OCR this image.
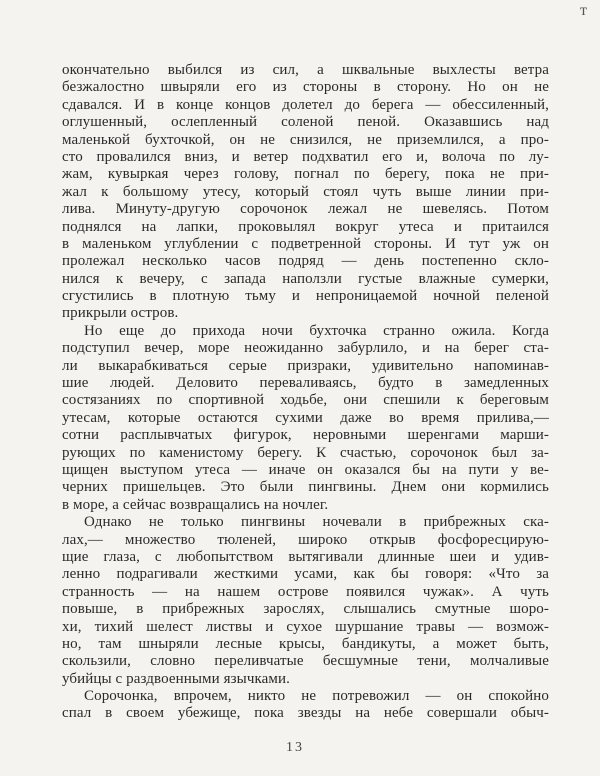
т
окончательно выбился из сил, а шквальные выхлесты ветра
безжалостно швыряли его из стороны в сторону. Но он не
сдавался. И в конце концов долетел до берега — обессиленный,
оглушенный, ослепленный соленой пеной. Оказавшись над
маленькой бухточкой, он не снизился, не приземлился, а про-
сто провалился вниз, и ветер подхватил его и, волоча по лу-
жам, кувыркая через голову, погнал по берегу, пока не при-
жал к большому утесу, который стоял чуть выше линии при-
лива. Минуту-другую сорочонок лежал не шевелясь. Потом
поднялся на лапки, проковылял вокруг утеса и притаился
в маленьком углублении с подветренной стороны. И тут уж он
пролежал несколько часов подряд — день постепенно скло-
нился к вечеру, с запада наползли густые влажные сумерки,
сгустились в плотную тьму и непроницаемой ночной пеленой
прикрыли остров.
Но еще до прихода ночи бухточка странно ожила. Когда
подступил вечер, море неожиданно забурлило, и на берег ста-
ли выкарабкиваться серые призраки, удивительно напоминав-
шие людей. Деловито переваливаясь, будто в замедленных
состязаниях по спортивной ходьбе, они спешили к береговым
утесам, которые остаются сухими даже во время прилива,—
сотни расплывчатых фигурок, неровными шеренгами марши-
рующих по каменистому берегу. К счастью, сорочонок был за-
щищен выступом утеса — иначе он оказался бы на пути у ве-
черних пришельцев. Это были пингвины. Днем они кормились
в море, а сейчас возвращались на ночлег.
Однако не только пингвины ночевали в прибрежных ска-
лах,— множество тюленей, широко открыв фосфоресцирую-
щие глаза, с любопытством вытягивали длинные шеи и удив-
ленно подрагивали жесткими усами, как бы говоря: «Что за
странность — на нашем острове появился чужак». А чуть
повыше, в прибрежных зарослях, слышались смутные шоро-
хи, тихий шелест листвы и сухое шуршание травы — возмож-
но, там шныряли лесные крысы, бандикуты, а может быть,
скользили, словно переливчатые бесшумные тени, молчаливые
убийцы с раздвоенными язычками.
Сорочонка, впрочем, никто не потревожил — он спокойно
спал в своем убежище, пока звезды на небе совершали обыч-
13
